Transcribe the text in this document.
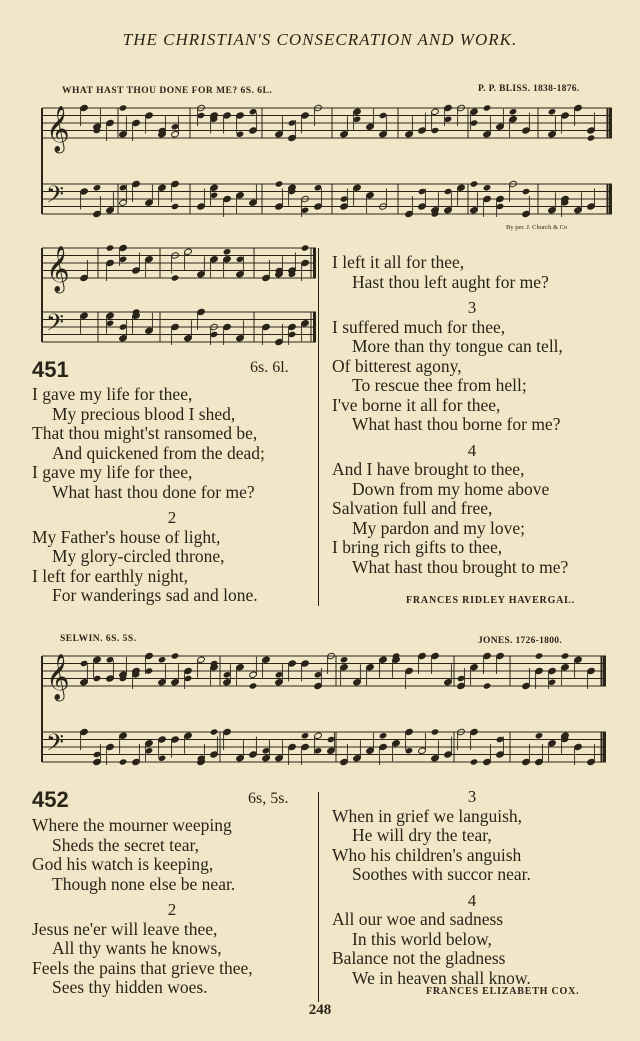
THE CHRISTIAN'S CONSECRATION AND WORK.
WHAT HAST THOU DONE FOR ME? 6S. 6L.	P. P. BLISS. 1838-1876.
𝄞
𝄢
By per. J. Church & Co
𝄞
𝄢
451	6s. 6l.
I gave my life for thee,
My precious blood I shed,
That thou might'st ransomed be,
And quickened from the dead;
I gave my life for thee,
What hast thou done for me?
2
My Father's house of light,
My glory-circled throne,
I left for earthly night,
For wanderings sad and lone.
I left it all for thee,
Hast thou left aught for me?
3
I suffered much for thee,
More than thy tongue can tell,
Of bitterest agony,
To rescue thee from hell;
I've borne it all for thee,
What hast thou borne for me?
4
And I have brought to thee,
Down from my home above
Salvation full and free,
My pardon and my love;
I bring rich gifts to thee,
What hast thou brought to me?
FRANCES RIDLEY HAVERGAL.
SELWIN. 6S. 5S.	JONES. 1726-1800.
𝄞
𝄢
452	6s, 5s.
Where the mourner weeping
Sheds the secret tear,
God his watch is keeping,
Though none else be near.
2
Jesus ne'er will leave thee,
All thy wants he knows,
Feels the pains that grieve thee,
Sees thy hidden woes.
3
When in grief we languish,
He will dry the tear,
Who his children's anguish
Soothes with succor near.
4
All our woe and sadness
In this world below,
Balance not the gladness
We in heaven shall know.
FRANCES ELIZABETH COX.
248
